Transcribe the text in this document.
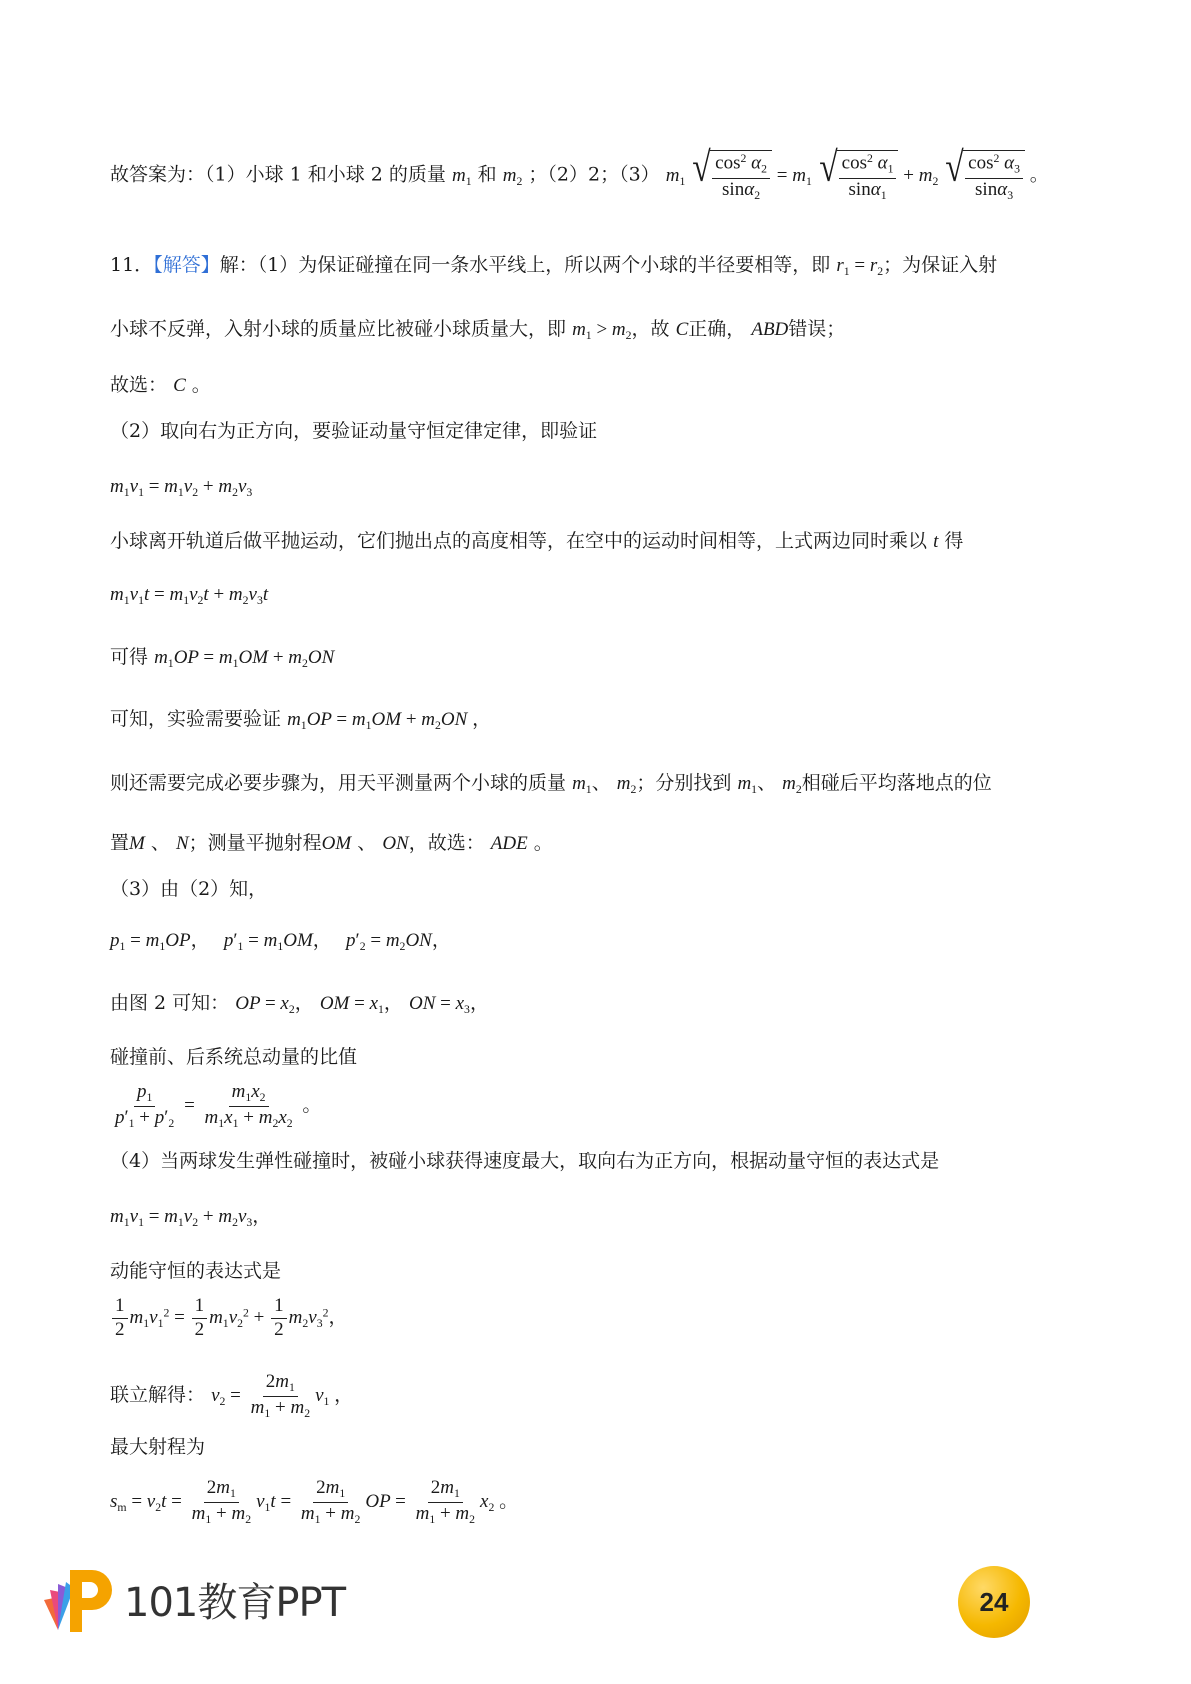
故答案为：（1）小球 1 和小球 2 的质量 $m_1$ 和 $m_2$ ；（2）2；（3） $m_1$ √ $\frac{\cos^2 \alpha_2}{\sin\alpha_2} = m_1$ √ $\frac{\cos^2 \alpha_1}{\sin\alpha_1} + m_2$ √ $\frac{\cos^2 \alpha_3}{\sin\alpha_3}$ 。
11．【解答】解：（1）为保证碰撞在同一条水平线上，所以两个小球的半径要相等，即 $r_1 = r_2$；为保证入射
小球不反弹，入射小球的质量应比被碰小球质量大，即 $m_1 > m_2$，故 C正确， ABD错误；
故选： C 。
（2）取向右为正方向，要验证动量守恒定律定律，即验证
$m_1v_1 = m_1v_2 + m_2v_3$
小球离开轨道后做平抛运动，它们抛出点的高度相等，在空中的运动时间相等，上式两边同时乘以 t 得
$m_1v_1t = m_1v_2t + m_2v_3t$
可得 $m_1OP = m_1OM + m_2ON$
可知，实验需要验证 $m_1OP = m_1OM + m_2ON$ ，
则还需要完成必要步骤为，用天平测量两个小球的质量 $m_1$、 $m_2$；分别找到 $m_1$、 $m_2$相碰后平均落地点的位
置M 、 N；测量平抛射程OM 、 ON，故选： ADE 。
（3）由（2）知，
$p_1 = m_1OP$， $p'_1 = m_1OM$， $p'_2 = m_2ON$，
由图 2 可知： OP = $x_2$， OM = $x_1$， ON = $x_3$，
碰撞前、后系统总动量的比值
$\frac{p_1}{p'_1 + p'_2} = \frac{m_1x_2}{m_1x_1 + m_2x_2}$ 。
（4）当两球发生弹性碰撞时，被碰小球获得速度最大，取向右为正方向，根据动量守恒的表达式是
$m_1v_1 = m_1v_2 + m_2v_3$，
动能守恒的表达式是
$\frac{1}{2} m_1v_1^2 = \frac{1}{2} m_1v_2^2 + \frac{1}{2} m_2v_3^2$，
联立解得： $v_2 = \frac{2m_1}{m_1 + m_2} v_1$ ，
最大射程为
$s_m = v_2t = \frac{2m_1}{m_1 + m_2} v_1t = \frac{2m_1}{m_1 + m_2}$ OP = $\frac{2m_1}{m_1 + m_2} x_2$ 。
101教育PPT	24
